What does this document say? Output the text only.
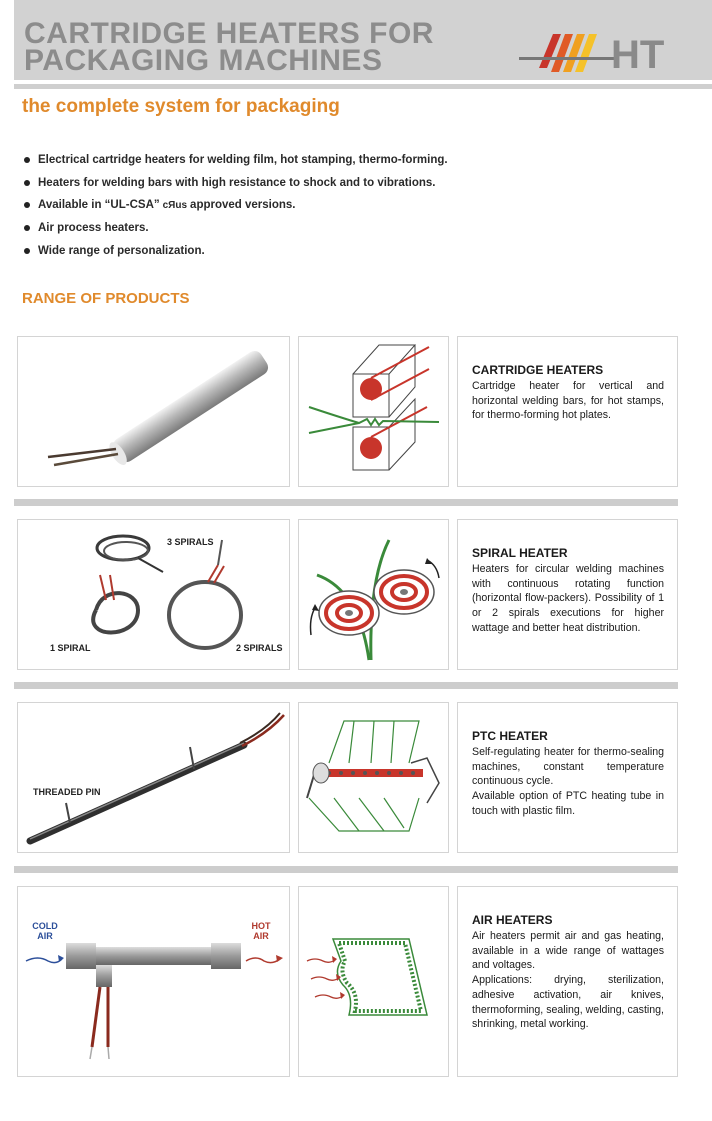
CARTRIDGE HEATERS FOR
PACKAGING MACHINES	HT
the complete system for packaging
Electrical cartridge heaters for welding film, hot stamping, thermo-forming.
Heaters for welding bars with high resistance to shock and to vibrations.
Available in “UL-CSA” cЯus approved versions.
Air process heaters.
Wide range of personalization.
RANGE OF PRODUCTS
CARTRIDGE HEATERS
Cartridge heater for vertical and horizontal welding bars, for hot stamps, for thermo-forming hot plates.
3 SPIRALS
1 SPIRAL	2 SPIRALS
SPIRAL HEATER
Heaters for circular welding machines with continuous rotating function (horizontal flow-packers). Possibility of 1 or 2 spirals executions for higher wattage and better heat distribution.
THREADED PIN
PTC HEATER
Self-regulating heater for thermo-sealing machines, constant temperature continuous cycle.
Available option of PTC heating tube in touch with plastic film.
COLD
AIR
HOT
AIR
AIR HEATERS
Air heaters permit air and gas heating, available in a wide range of wattages and voltages.
Applications: drying, sterilization, adhesive activation, air knives, thermoforming, sealing, welding, casting, shrinking, metal working.
